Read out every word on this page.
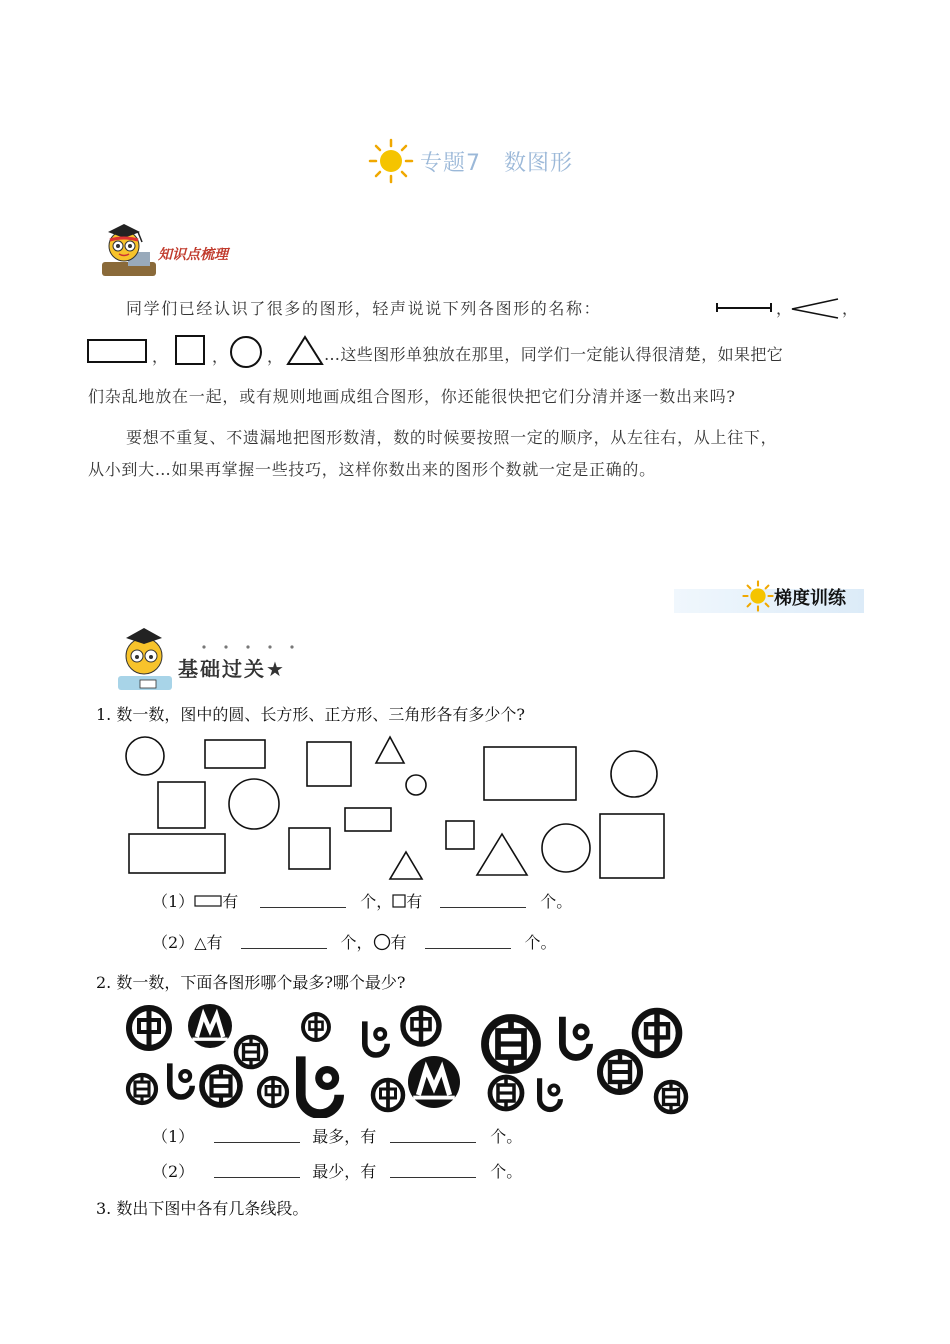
专题7　数图形
知识点梳理
同学们已经认识了很多的图形，轻声说说下列各图形的名称：	，	，
，	， ，	…这些图形单独放在那里，同学们一定能认得很清楚，如果把它
们杂乱地放在一起，或有规则地画成组合图形，你还能很快把它们分清并逐一数出来吗?
要想不重复、不遗漏地把图形数清，数的时候要按照一定的顺序，从左往右，从上往下，
从小到大…如果再掌握一些技巧，这样你数出来的图形个数就一定是正确的。
梯度训练
基础过关★
1. 数一数，图中的圆、长方形、正方形、三角形各有多少个?
（1） 有	个， 有	个。
（2） △有	个， 有	个。
2. 数一数，下面各图形哪个最多?哪个最少?
（1）	最多，有	个。
（2）	最少，有	个。
3. 数出下图中各有几条线段。
